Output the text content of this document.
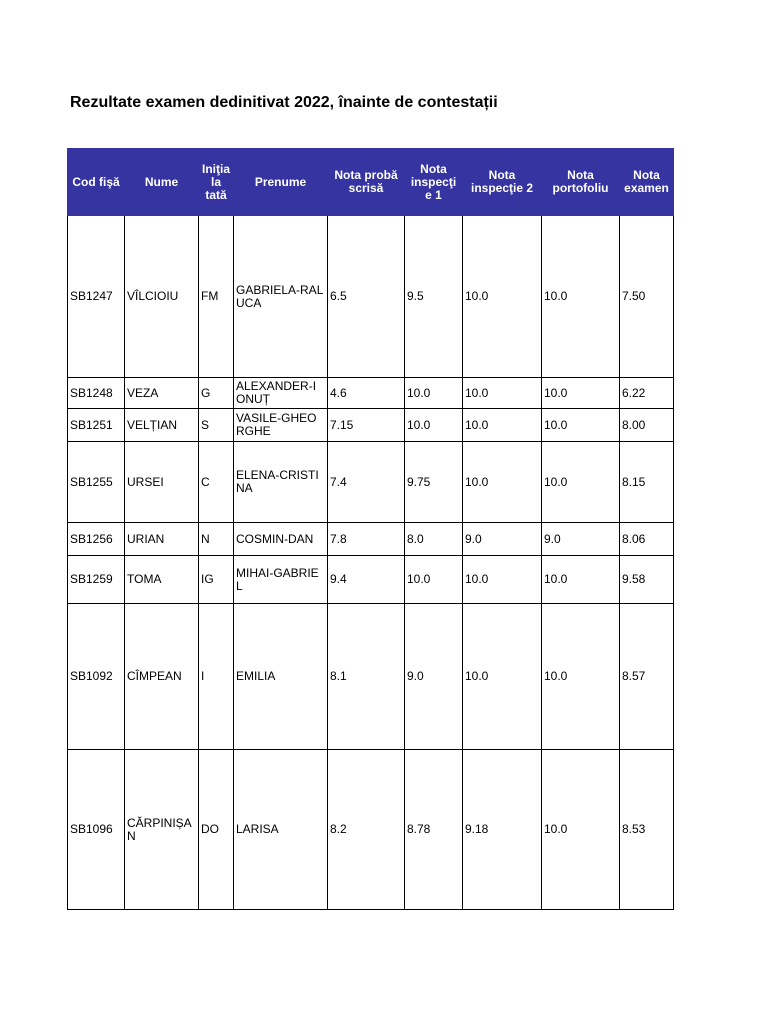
Rezultate examen dedinitivat 2022, înainte de contestații
Cod fişă	Nume	Iniţia la tată	Prenume	Nota probă scrisă	Nota inspecţi e 1	Nota inspecţie 2	Nota portofoliu	Nota examen
SB1247	VÎLCIOIU	FM	GABRIELA-RALUCA	6.5	9.5	10.0	10.0	7.50
SB1248	VEZA	G	ALEXANDER-IONUȚ	4.6	10.0	10.0	10.0	6.22
SB1251	VELȚIAN	S	VASILE-GHEORGHE	7.15	10.0	10.0	10.0	8.00
SB1255	URSEI	C	ELENA-CRISTINA	7.4	9.75	10.0	10.0	8.15
SB1256	URIAN	N	COSMIN-DAN	7.8	8.0	9.0	9.0	8.06
SB1259	TOMA	IG	MIHAI-GABRIEL	9.4	10.0	10.0	10.0	9.58
SB1092	CÎMPEAN	I	EMILIA	8.1	9.0	10.0	10.0	8.57
SB1096	CĂRPINIȘAN	DO	LARISA	8.2	8.78	9.18	10.0	8.53
